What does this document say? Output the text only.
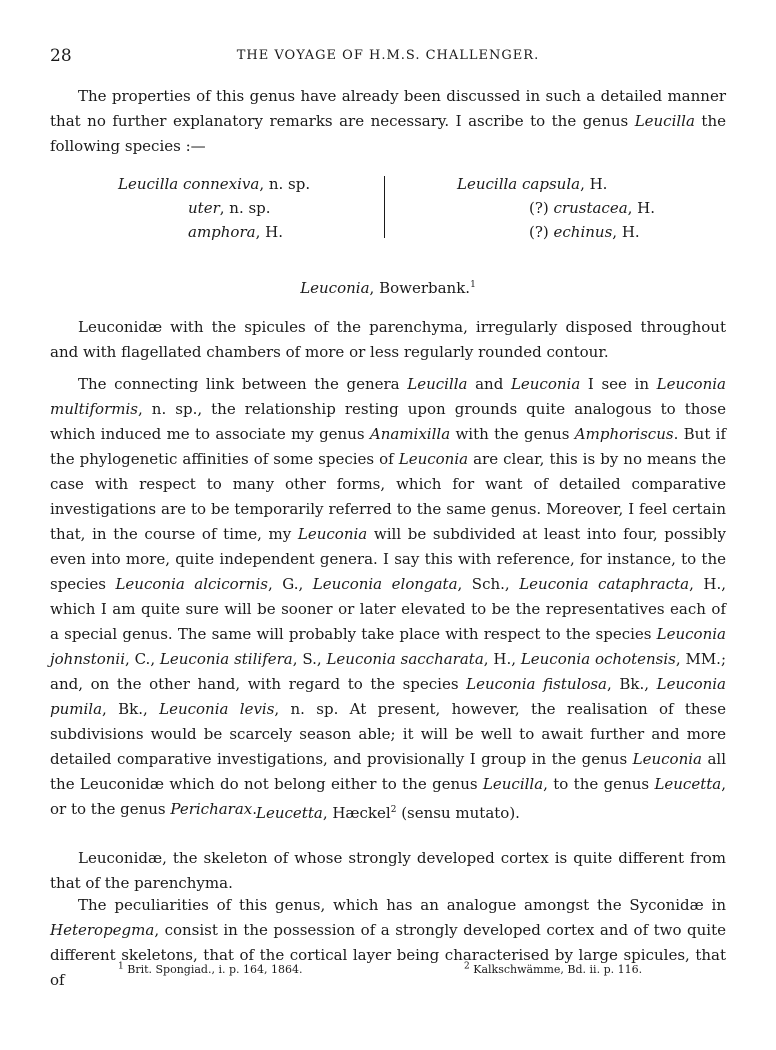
28	THE VOYAGE OF H.M.S. CHALLENGER.
The properties of this genus have already been discussed in such a detailed manner that no further explanatory remarks are necessary. I ascribe to the genus Leucilla the following species :—
Leucilla connexiva, n. sp.
uter, n. sp.
amphora, H.
Leucilla capsula, H.
(?) crustacea, H.
(?) echinus, H.
Leuconia, Bowerbank.$^1$
Leuconidæ with the spicules of the parenchyma, irregularly disposed throughout and with flagellated chambers of more or less regularly rounded contour.
The connecting link between the genera Leucilla and Leuconia I see in Leuconia multiformis, n. sp., the relationship resting upon grounds quite analogous to those which induced me to associate my genus Anamixilla with the genus Amphoriscus. But if the phylogenetic affinities of some species of Leuconia are clear, this is by no means the case with respect to many other forms, which for want of detailed comparative investigations are to be temporarily referred to the same genus. Moreover, I feel certain that, in the course of time, my Leuconia will be subdivided at least into four, possibly even into more, quite independent genera. I say this with reference, for instance, to the species Leuconia alcicornis, G., Leuconia elongata, Sch., Leuconia cataphracta, H., which I am quite sure will be sooner or later elevated to be the representatives each of a special genus. The same will probably take place with respect to the species Leuconia johnstonii, C., Leuconia stilifera, S., Leuconia saccharata, H., Leuconia ochotensis, MM.; and, on the other hand, with regard to the species Leuconia fistulosa, Bk., Leuconia pumila, Bk., Leuconia levis, n. sp. At present, however, the realisation of these subdivisions would be scarcely season able; it will be well to await further and more detailed comparative investigations, and provisionally I group in the genus Leuconia all the Leuconidæ which do not belong either to the genus Leucilla, to the genus Leucetta, or to the genus Pericharax. Leucetta, Hæckel$^2$ (sensu mutato).
Leuconidæ, the skeleton of whose strongly developed cortex is quite different from that of the parenchyma.
The peculiarities of this genus, which has an analogue amongst the Syconidæ in Heteropegma, consist in the possession of a strongly developed cortex and of two quite different skeletons, that of the cortical layer being characterised by large spicules, that of
$^1$ Brit. Spongiad., i. p. 164, 1864.	$^2$ Kalkschwämme, Bd. ii. p. 116.
